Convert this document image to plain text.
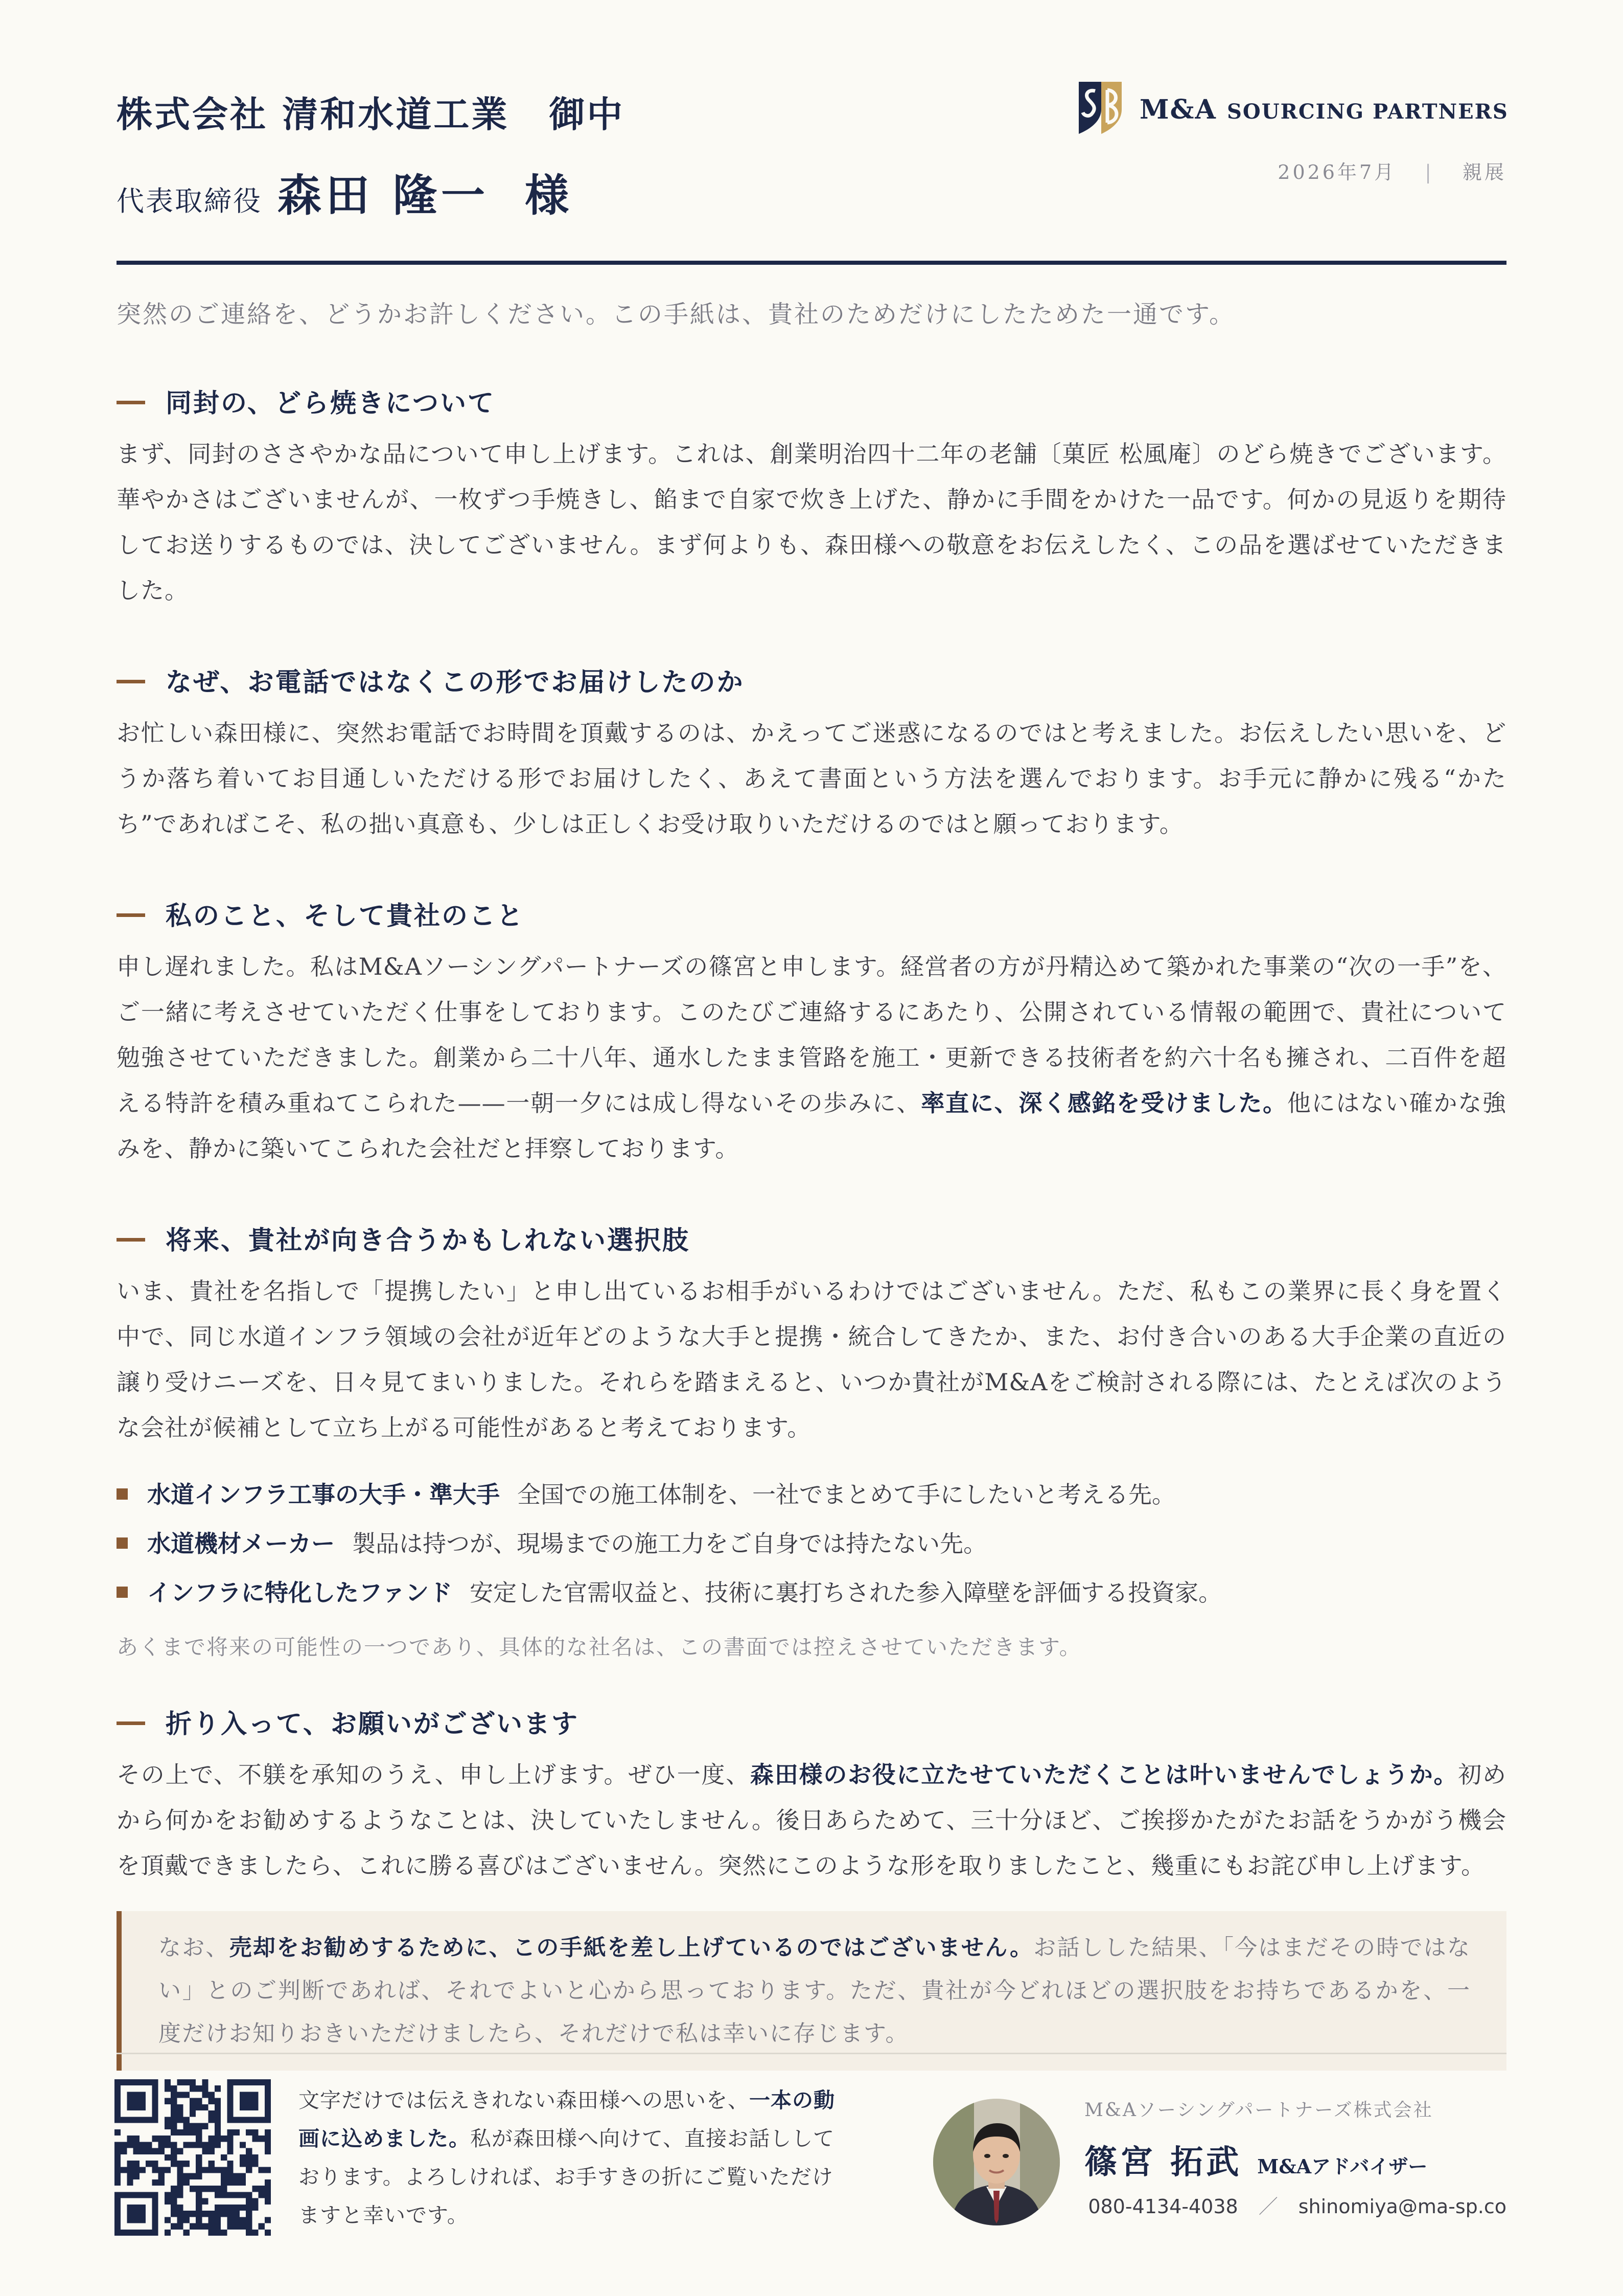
株式会社 清和水道工業 御中
代表取締役 森田 隆一 様
M&A SOURCING PARTNERS
2026年7月 | 親展

突然のご連絡を、どうかお許しください。この手紙は、貴社のためだけにしたためた一通です。

同封の、どら焼きについて

まず、同封のささやかな品について申し上げます。これは、創業明治四十二年の老舗〔菓匠 松風庵〕のどら焼きでございます。華やかさはございませんが、一枚ずつ手焼きし、餡まで自家で炊き上げた、静かに手間をかけた一品です。何かの見返りを期待してお送りするものでは、決してございません。まず何よりも、森田様への敬意をお伝えしたく、この品を選ばせていただきました。

なぜ、お電話ではなくこの形でお届けしたのか

お忙しい森田様に、突然お電話でお時間を頂戴するのは、かえってご迷惑になるのではと考えました。お伝えしたい思いを、どうか落ち着いてお目通しいただける形でお届けしたく、あえて書面という方法を選んでおります。お手元に静かに残る“かたち”であればこそ、私の拙い真意も、少しは正しくお受け取りいただけるのではと願っております。

私のこと、そして貴社のこと

申し遅れました。私はM&Aソーシングパートナーズの篠宮と申します。経営者の方が丹精込めて築かれた事業の“次の一手”を、ご一緒に考えさせていただく仕事をしております。このたびご連絡するにあたり、公開されている情報の範囲で、貴社について勉強させていただきました。創業から二十八年、通水したまま管路を施工・更新できる技術者を約六十名も擁され、二百件を超える特許を積み重ねてこられた——一朝一夕には成し得ないその歩みに、率直に、深く感銘を受けました。他にはない確かな強みを、静かに築いてこられた会社だと拝察しております。

将来、貴社が向き合うかもしれない選択肢

いま、貴社を名指しで「提携したい」と申し出ているお相手がいるわけではございません。ただ、私もこの業界に長く身を置く中で、同じ水道インフラ領域の会社が近年どのような大手と提携・統合してきたか、また、お付き合いのある大手企業の直近の譲り受けニーズを、日々見てまいりました。それらを踏まえると、いつか貴社がM&Aをご検討される際には、たとえば次のような会社が候補として立ち上がる可能性があると考えております。

水道インフラ工事の大手・準大手 全国での施工体制を、一社でまとめて手にしたいと考える先。
水道機材メーカー 製品は持つが、現場までの施工力をご自身では持たない先。
インフラに特化したファンド 安定した官需収益と、技術に裏打ちされた参入障壁を評価する投資家。

あくまで将来の可能性の一つであり、具体的な社名は、この書面では控えさせていただきます。

折り入って、お願いがございます

その上で、不躾を承知のうえ、申し上げます。ぜひ一度、森田様のお役に立たせていただくことは叶いませんでしょうか。初めから何かをお勧めするようなことは、決していたしません。後日あらためて、三十分ほど、ご挨拶かたがたお話をうかがう機会を頂戴できましたら、これに勝る喜びはございません。突然にこのような形を取りましたこと、幾重にもお詫び申し上げます。

なお、売却をお勧めするために、この手紙を差し上げているのではございません。お話しした結果、「今はまだその時ではない」とのご判断であれば、それでよいと心から思っております。ただ、貴社が今どれほどの選択肢をお持ちであるかを、一度だけお知りおきいただけましたら、それだけで私は幸いに存じます。

文字だけでは伝えきれない森田様への思いを、一本の動画に込めました。私が森田様へ向けて、直接お話ししております。よろしければ、お手すきの折にご覧いただけますと幸いです。

M&Aソーシングパートナーズ株式会社
篠宮 拓武 M&Aアドバイザー
080-4134-4038 ／ shinomiya@ma-sp.co
